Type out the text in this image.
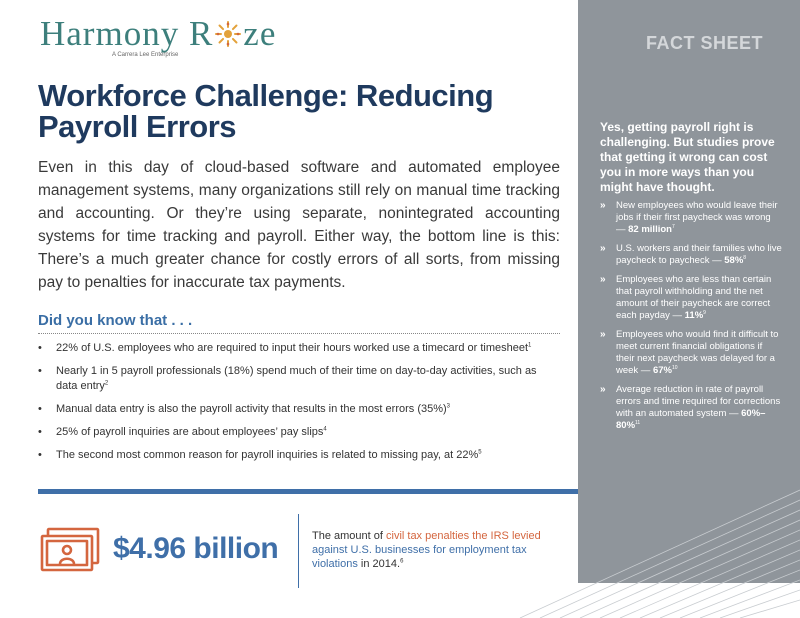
Harmony R ze
A Carrera Lee Enterprise
Workforce Challenge: Reducing Payroll Errors

Even in this day of cloud-based software and automated employee management systems, many organizations still rely on manual time tracking and accounting. Or they’re using separate, nonintegrated accounting systems for time tracking and payroll. Either way, the bottom line is this: There’s a much greater chance for costly errors of all sorts, from missing pay to penalties for inaccurate tax payments.

Did you know that . . .
• 22% of U.S. employees who are required to input their hours worked use a timecard or timesheet$^1$
• Nearly 1 in 5 payroll professionals (18%) spend much of their time on day-to-day activities, such as data entry$^2$
• Manual data entry is also the payroll activity that results in the most errors $(35\%)^3$
• 25% of payroll inquiries are about employees’ pay slips$^4$
• The second most common reason for payroll inquiries is related to missing pay, at 22%$^5$
$4.96 billion	The amount of civil tax penalties the IRS levied against U.S. businesses for employment tax violations in 2014.$^6$
FACT SHEET

Yes, getting payroll right is challenging. But studies prove that getting it wrong can cost you in more ways than you might have thought.

» New employees who would leave their jobs if their first paycheck was wrong — 82 million$^7$
» U.S. workers and their families who live paycheck to paycheck — 58%$^8$
» Employees who are less than certain that payroll withholding and the net amount of their paycheck are correct each payday — 11%$^9$
» Employees who would find it difficult to meet current financial obligations if their next paycheck was delayed for a week — 67%$^{10}$
» Average reduction in rate of payroll errors and time required for corrections with an automated system — 60%–80%$^{11}$
